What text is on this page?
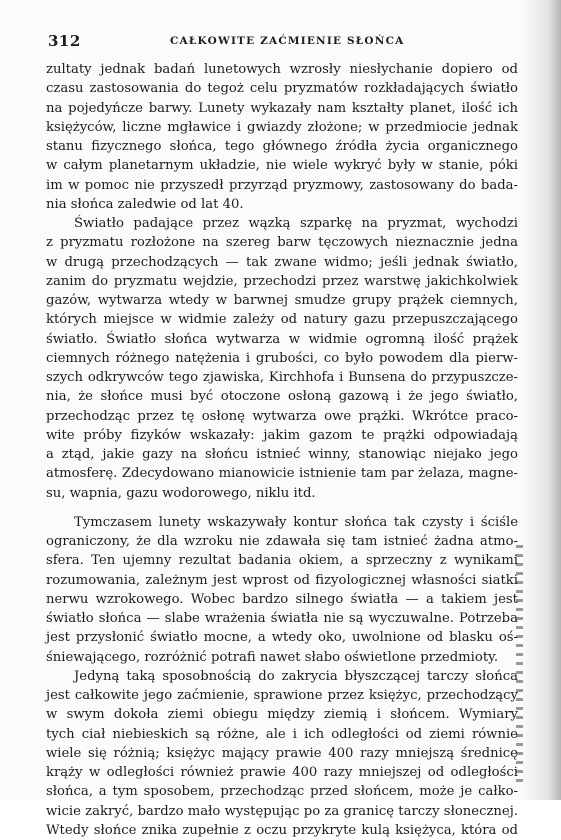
312	CAŁKOWITE ZAĆMIENIE SŁOŃCA
zultaty jednak badań lunetowych wzrosły niesłychanie dopiero od
czasu zastosowania do tegoż celu pryzmatów rozkładających światło
na pojedyńcze barwy. Lunety wykazały nam kształty planet, ilość ich
księżyców, liczne mgławice i gwiazdy złożone; w przedmiocie jednak
stanu fizycznego słońca, tego głównego źródła życia organicznego
w całym planetarnym układzie, nie wiele wykryć były w stanie, póki
im w pomoc nie przyszedł przyrząd pryzmowy, zastosowany do bada-
nia słońca zaledwie od lat 40.
Światło padające przez wązką szparkę na pryzmat, wychodzi
z pryzmatu rozłożone na szereg barw tęczowych nieznacznie jedna
w drugą przechodzących — tak zwane widmo; jeśli jednak światło,
zanim do pryzmatu wejdzie, przechodzi przez warstwę jakichkolwiek
gazów, wytwarza wtedy w barwnej smudze grupy prążek ciemnych,
których miejsce w widmie zależy od natury gazu przepuszczającego
światło. Światło słońca wytwarza w widmie ogromną ilość prążek
ciemnych różnego natężenia i grubości, co było powodem dla pierw-
szych odkrywców tego zjawiska, Kirchhofa i Bunsena do przypuszcze-
nia, że słońce musi być otoczone osłoną gazową i że jego światło,
przechodząc przez tę osłonę wytwarza owe prążki. Wkrótce praco-
wite próby fizyków wskazały: jakim gazom te prążki odpowiadają
a ztąd, jakie gazy na słońcu istnieć winny, stanowiąc niejako jego
atmosferę. Zdecydowano mianowicie istnienie tam par żelaza, magne-
su, wapnia, gazu wodorowego, niklu itd.
Tymczasem lunety wskazywały kontur słońca tak czysty i ściśle
ograniczony, że dla wzroku nie zdawała się tam istnieć żadna atmo-
sfera. Ten ujemny rezultat badania okiem, a sprzeczny z wynikami
rozumowania, zależnym jest wprost od fizyologicznej własności siatki
nerwu wzrokowego. Wobec bardzo silnego światła — a takiem jest
światło słońca — slabe wrażenia światła nie są wyczuwalne. Potrzeba
jest przysłonić światło mocne, a wtedy oko, uwolnione od blasku oś-
śniewającego, rozróżnić potrafi nawet słabo oświetlone przedmioty.
Jedyną taką sposobnością do zakrycia błyszczącej tarczy słońca
jest całkowite jego zaćmienie, sprawione przez księżyc, przechodzący
w swym dokoła ziemi obiegu między ziemią i słońcem. Wymiary
tych ciał niebieskich są różne, ale i ich odległości od ziemi równie
wiele się różnią; księżyc mający prawie 400 razy mniejszą średnicę
krąży w odległości również prawie 400 razy mniejszej od odległości
słońca, a tym sposobem, przechodząc przed słońcem, może je całko-
wicie zakryć, bardzo mało występując po za granicę tarczy słonecznej.
Wtedy słońce znika zupełnie z oczu przykryte kulą księżyca, która od
